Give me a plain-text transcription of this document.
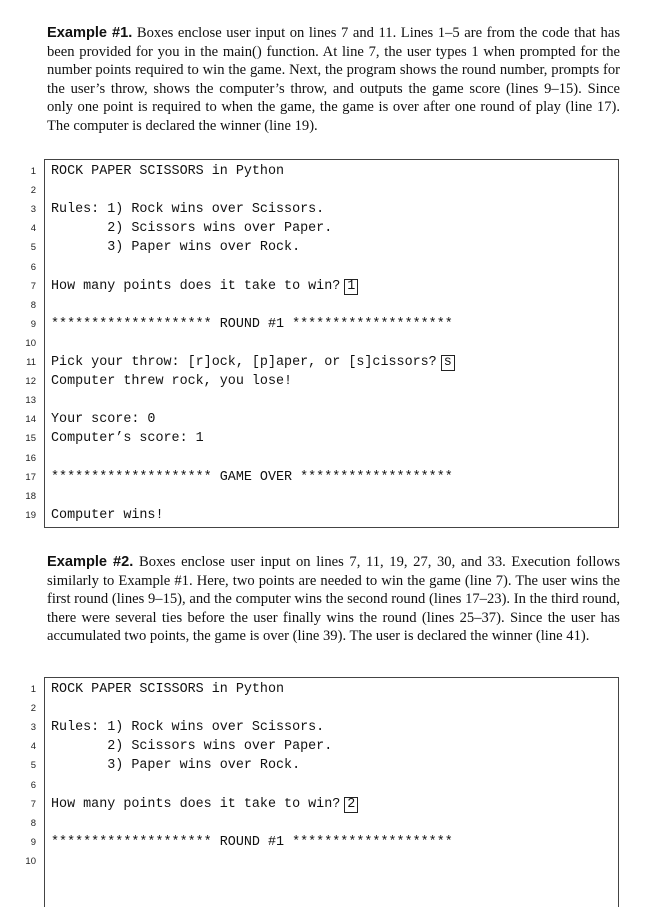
Example #1. Boxes enclose user input on lines 7 and 11. Lines 1–5 are from the code that has been provided for you in the main() function. At line 7, the user types 1 when prompted for the number points required to win the game. Next, the program shows the round number, prompts for the user’s throw, shows the computer’s throw, and outputs the game score (lines 9–15). Since only one point is required to when the game, the game is over after one round of play (line 17). The computer is declared the winner (line 19).
1 ROCK PAPER SCISSORS in Python
2
3 Rules: 1) Rock wins over Scissors.
4 2) Scissors wins over Paper.
5 3) Paper wins over Rock.
6
7 How many points does it take to win? 1
8
9 ******************** ROUND #1 ********************
10
11 Pick your throw: [r]ock, [p]aper, or [s]cissors? s
12 Computer threw rock, you lose!
13
14 Your score: 0
15 Computer’s score: 1
16
17 ******************** GAME OVER *******************
18
19 Computer wins!
Example #2. Boxes enclose user input on lines 7, 11, 19, 27, 30, and 33. Execution follows similarly to Example #1. Here, two points are needed to win the game (line 7). The user wins the first round (lines 9–15), and the computer wins the second round (lines 17–23). In the third round, there were several ties before the user finally wins the round (lines 25–37). Since the user has accumulated two points, the game is over (line 39). The user is declared the winner (line 41).
1 ROCK PAPER SCISSORS in Python
2
3 Rules: 1) Rock wins over Scissors.
4 2) Scissors wins over Paper.
5 3) Paper wins over Rock.
6
7 How many points does it take to win? 2
8
9 ******************** ROUND #1 ********************
10
